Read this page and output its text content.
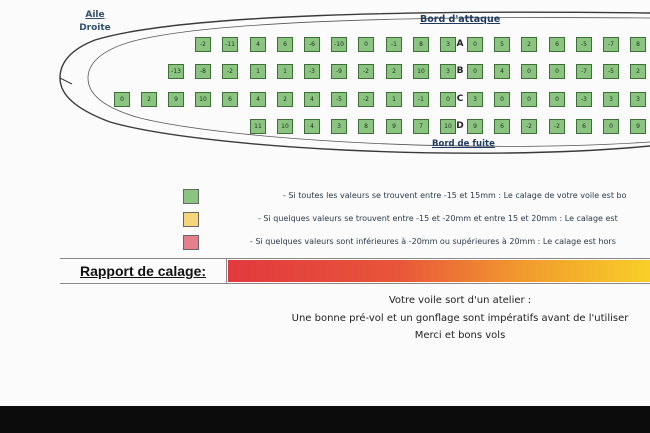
Aile
Droite
Bord d'attaque
Bord de fuite
-2	-11	4	6	-6	-10	0	-1	8	3 A	0	5	2	6	-5	-7	8
-13	-8	-2	1	1	-3	-9	-2	2	10	3 B	0	4	0	0	-7	-5	2
0	2	9	10	6	4	2	4	-5	-2	1	-1	0 C	3	0	0	0	-3	3	3
11	10	4	3	8	9	7	10 D	9	6	-2	-2	6	0	9
- Si toutes les valeurs se trouvent entre -15 et 15mm : Le calage de votre voile est bo
- Si quelques valeurs se trouvent entre -15 et -20mm et entre 15 et 20mm : Le calage est
- Si quelques valeurs sont inférieures à -20mm ou supérieures à 20mm : Le calage est hors
Rapport de calage:
Votre voile sort d'un atelier :
Une bonne pré-vol et un gonflage sont impératifs avant de l'utiliser
Merci et bons vols
